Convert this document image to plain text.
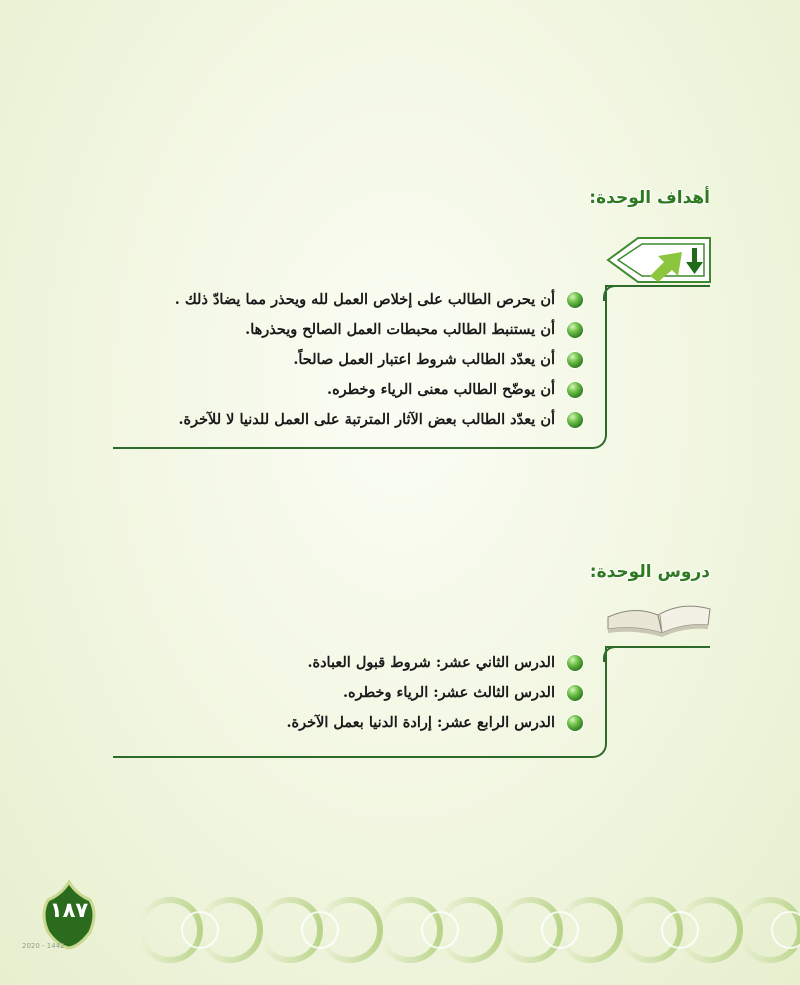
أهداف الوحدة:
أن يحرص الطالب على إخلاص العمل لله ويحذر مما يضادّ ذلك .
أن يستنبط الطالب محبطات العمل الصالح ويحذرها.
أن يعدّد الطالب شروط اعتبار العمل صالحاً.
أن يوضّح الطالب معنى الرياء وخطره.
أن يعدّد الطالب بعض الآثار المترتبة على العمل للدنيا لا للآخرة.
دروس الوحدة:
الدرس الثاني عشر: شروط قبول العبادة.
الدرس الثالث عشر: الرياء وخطره.
الدرس الرابع عشر: إرادة الدنيا بعمل الآخرة.
١٨٧
2020 - 1442
